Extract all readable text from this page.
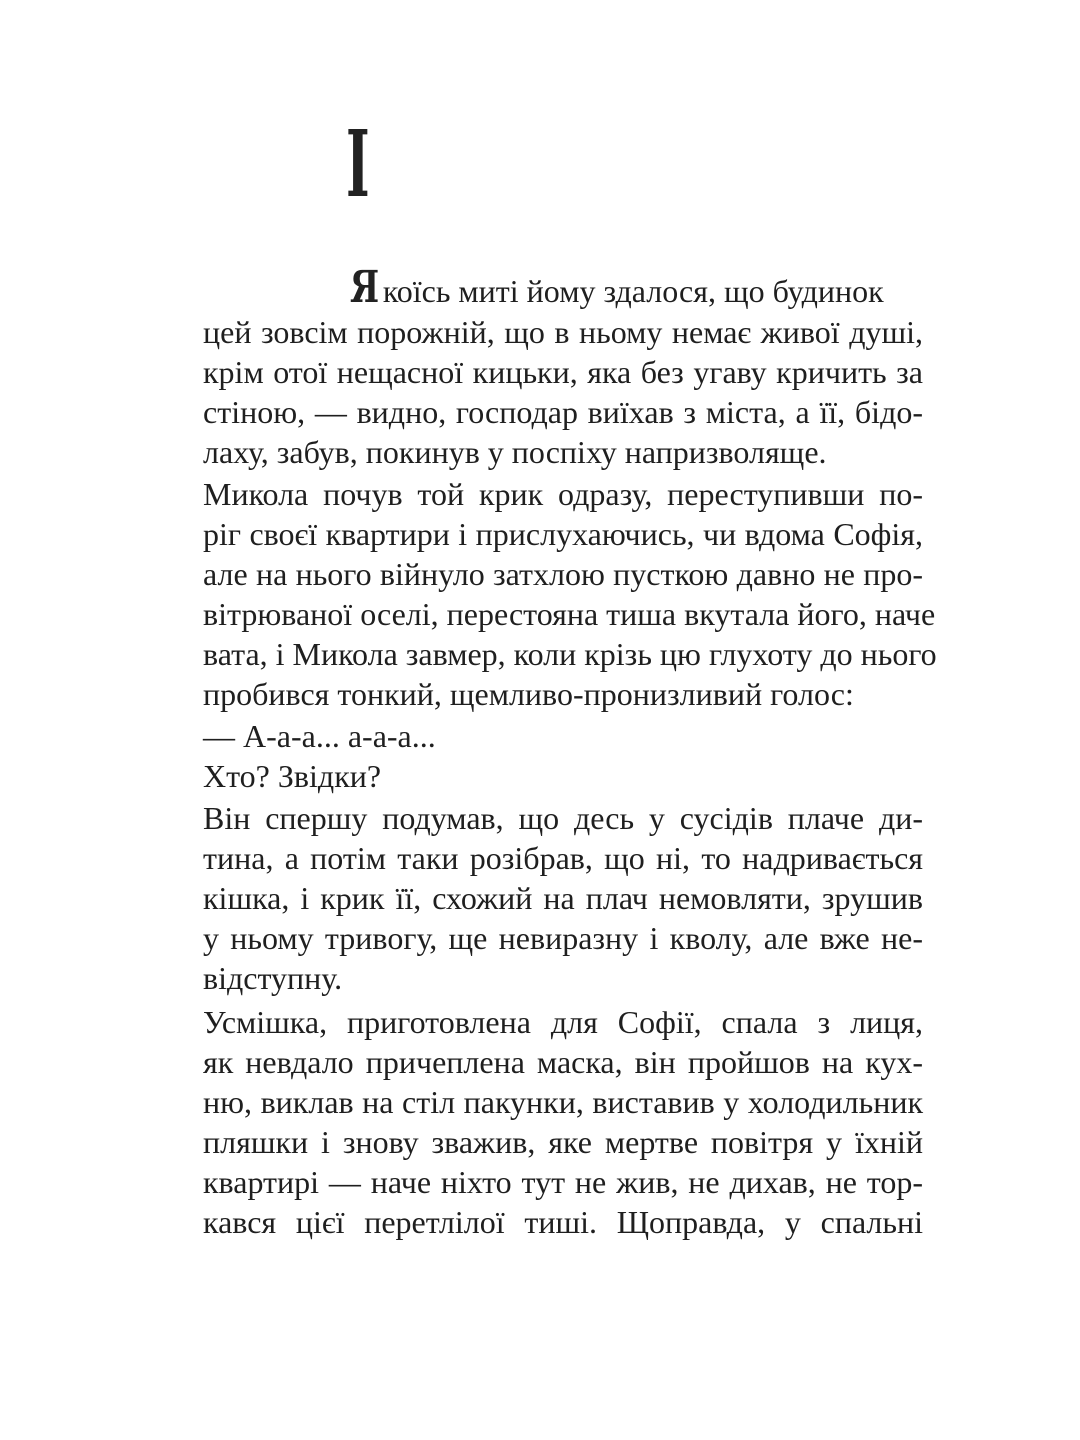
I
Я коїсь миті йому здалося, що будинок
цей зовсім порожній, що в ньому немає живої душі,
крім отої нещасної кицьки, яка без угаву кричить за
стіною, — видно, господар виїхав з міста, а її, бідо-
лаху, забув, покинув у поспіху напризволяще.
Микола почув той крик одразу, переступивши по-
ріг своєї квартири і прислухаючись, чи вдома Софія,
але на нього війнуло затхлою пусткою давно не про-
вітрюваної оселі, перестояна тиша вкутала його, наче
вата, і Микола завмер, коли крізь цю глухоту до нього
пробився тонкий, щемливо-пронизливий голос:
— А-а-а... а-а-а...
Хто? Звідки?
Він спершу подумав, що десь у сусідів плаче ди-
тина, а потім таки розібрав, що ні, то надривається
кішка, і крик її, схожий на плач немовляти, зрушив
у ньому тривогу, ще невиразну і кволу, але вже не-
відступну.
Усмішка, приготовлена для Софії, спала з лиця,
як невдало причеплена маска, він пройшов на кух-
ню, виклав на стіл пакунки, виставив у холодильник
пляшки і знову зважив, яке мертве повітря у їхній
квартирі — наче ніхто тут не жив, не дихав, не тор-
кався цієї перетлілої тиші. Щоправда, у спальні
